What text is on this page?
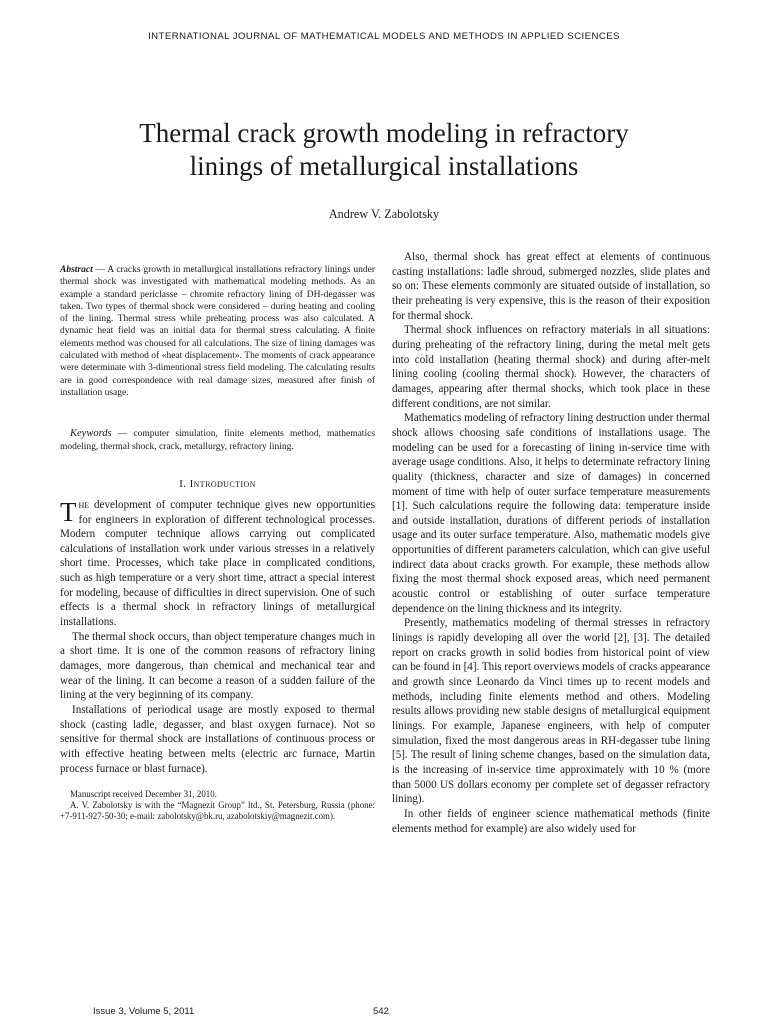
INTERNATIONAL JOURNAL OF MATHEMATICAL MODELS AND METHODS IN APPLIED SCIENCES
Thermal crack growth modeling in refractory
linings of metallurgical installations
Andrew V. Zabolotsky

Abstract — A cracks growth in metallurgical installations refractory linings under thermal shock was investigated with mathematical modeling methods. As an example a standard periclasse – chromite refractory lining of DH-degasser was taken. Two types of thermal shock were considered – during heating and cooling of the lining. Thermal stress while preheating process was also calculated. A dynamic heat field was an initial data for thermal stress calculating. A finite elements method was choused for all calculations. The size of lining damages was calculated with method of «heat displacement». The moments of crack appearance were determinate with 3-dimentional stress field modeling. The calculating results are in good correspondence with real damage sizes, measured after finish of installation usage.

Keywords — computer simulation, finite elements method, mathematics modeling, thermal shock, crack, metallurgy, refractory lining.

I. Introduction

The development of computer technique gives new opportunities for engineers in exploration of different technological processes. Modern computer technique allows carrying out complicated calculations of installation work under various stresses in a relatively short time. Processes, which take place in complicated conditions, such as high temperature or a very short time, attract a special interest for modeling, because of difficulties in direct supervision. One of such effects is a thermal shock in refractory linings of metallurgical installations.

The thermal shock occurs, than object temperature changes much in a short time. It is one of the common reasons of refractory lining damages, more dangerous, than chemical and mechanical tear and wear of the lining. It can become a reason of a sudden failure of the lining at the very beginning of its company.

Installations of periodical usage are mostly exposed to thermal shock (casting ladle, degasser, and blast oxygen furnace). Not so sensitive for thermal shock are installations of continuous process or with effective heating between melts (electric arc furnace, Martin process furnace or blast furnace).

Manuscript received December 31, 2010.

A. V. Zabolotsky is with the “Magnezit Group” ltd., St. Petersburg, Russia (phone: +7-911-927-50-30; e-mail: zabolotsky@bk.ru, azabolotskiy@magnezit.com).

Also, thermal shock has great effect at elements of continuous casting installations: ladle shroud, submerged nozzles, slide plates and so on: These elements commonly are situated outside of installation, so their preheating is very expensive, this is the reason of their exposition for thermal shock.

Thermal shock influences on refractory materials in all situations: during preheating of the refractory lining, during the metal melt gets into cold installation (heating thermal shock) and during after-melt lining cooling (cooling thermal shock). However, the characters of damages, appearing after thermal shocks, which took place in these different conditions, are not similar.

Mathematics modeling of refractory lining destruction under thermal shock allows choosing safe conditions of installations usage. The modeling can be used for a forecasting of lining in-service time with average usage conditions. Also, it helps to determinate refractory lining quality (thickness, character and size of damages) in concerned moment of time with help of outer surface temperature measurements [1]. Such calculations require the following data: temperature inside and outside installation, durations of different periods of installation usage and its outer surface temperature. Also, mathematic models give opportunities of different parameters calculation, which can give useful indirect data about cracks growth. For example, these methods allow fixing the most thermal shock exposed areas, which need permanent acoustic control or establishing of outer surface temperature dependence on the lining thickness and its integrity.

Presently, mathematics modeling of thermal stresses in refractory linings is rapidly developing all over the world [2], [3]. The detailed report on cracks growth in solid bodies from historical point of view can be found in [4]. This report overviews models of cracks appearance and growth since Leonardo da Vinci times up to recent models and methods, including finite elements method and others. Modeling results allows providing new stable designs of metallurgical equipment linings. For example, Japanese engineers, with help of computer simulation, fixed the most dangerous areas in RH-degasser tube lining [5]. The result of lining scheme changes, based on the simulation data, is the increasing of in-service time approximately with 10 % (more than 5000 US dollars economy per complete set of degasser refractory lining).

In other fields of engineer science mathematical methods (finite elements method for example) are also widely used for

Issue 3, Volume 5, 2011	542
